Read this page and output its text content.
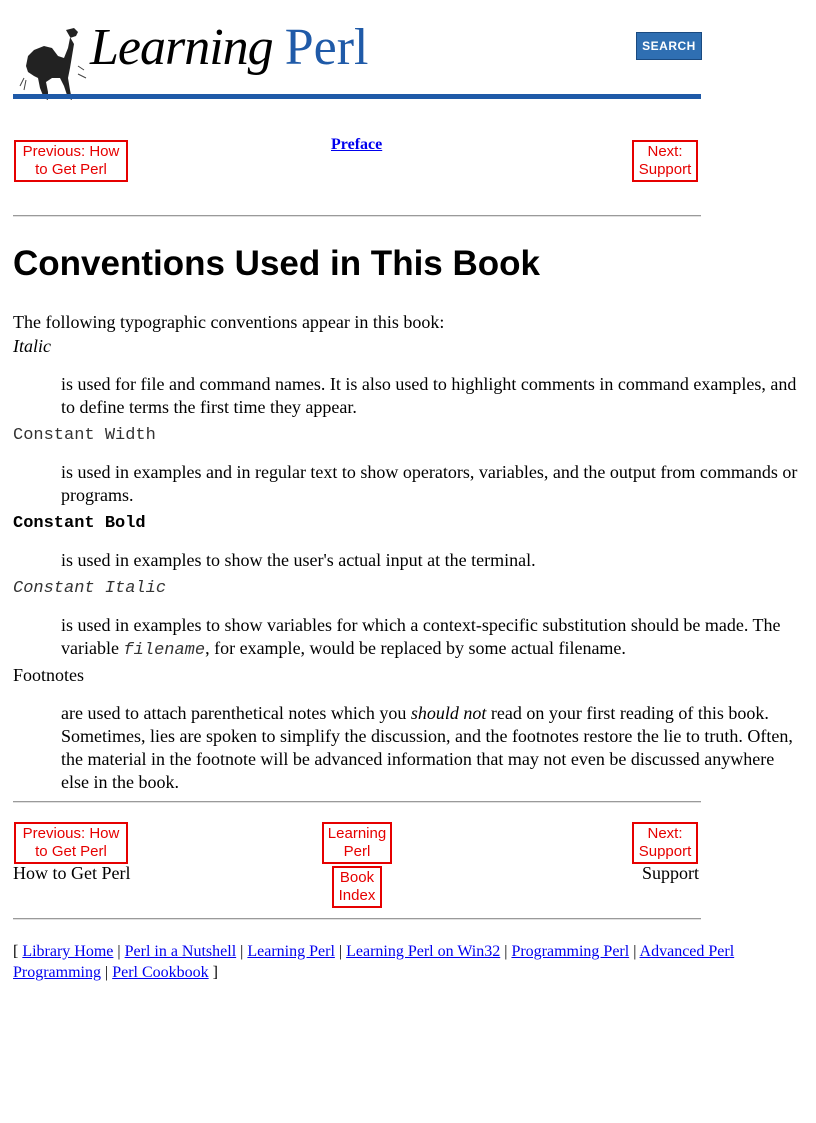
Learning Perl	SEARCH
Previous: How to Get Perl
Preface	Next: Support
Conventions Used in This Book
The following typographic conventions appear in this book:
Italic
is used for file and command names. It is also used to highlight comments in command examples, and to define terms the first time they appear.
Constant Width
is used in examples and in regular text to show operators, variables, and the output from commands or programs.
Constant Bold
is used in examples to show the user's actual input at the terminal.
Constant Italic
is used in examples to show variables for which a context-specific substitution should be made. The variable filename, for example, would be replaced by some actual filename.
Footnotes
are used to attach parenthetical notes which you should not read on your first reading of this book. Sometimes, lies are spoken to simplify the discussion, and the footnotes restore the lie to truth. Often, the material in the footnote will be advanced information that may not even be discussed anywhere else in the book.
Previous: How to Get Perl
How to Get Perl
Learning Perl
Book Index
Next: Support
Support
[ Library Home | Perl in a Nutshell | Learning Perl | Learning Perl on Win32 | Programming Perl | Advanced Perl Programming | Perl Cookbook ]
